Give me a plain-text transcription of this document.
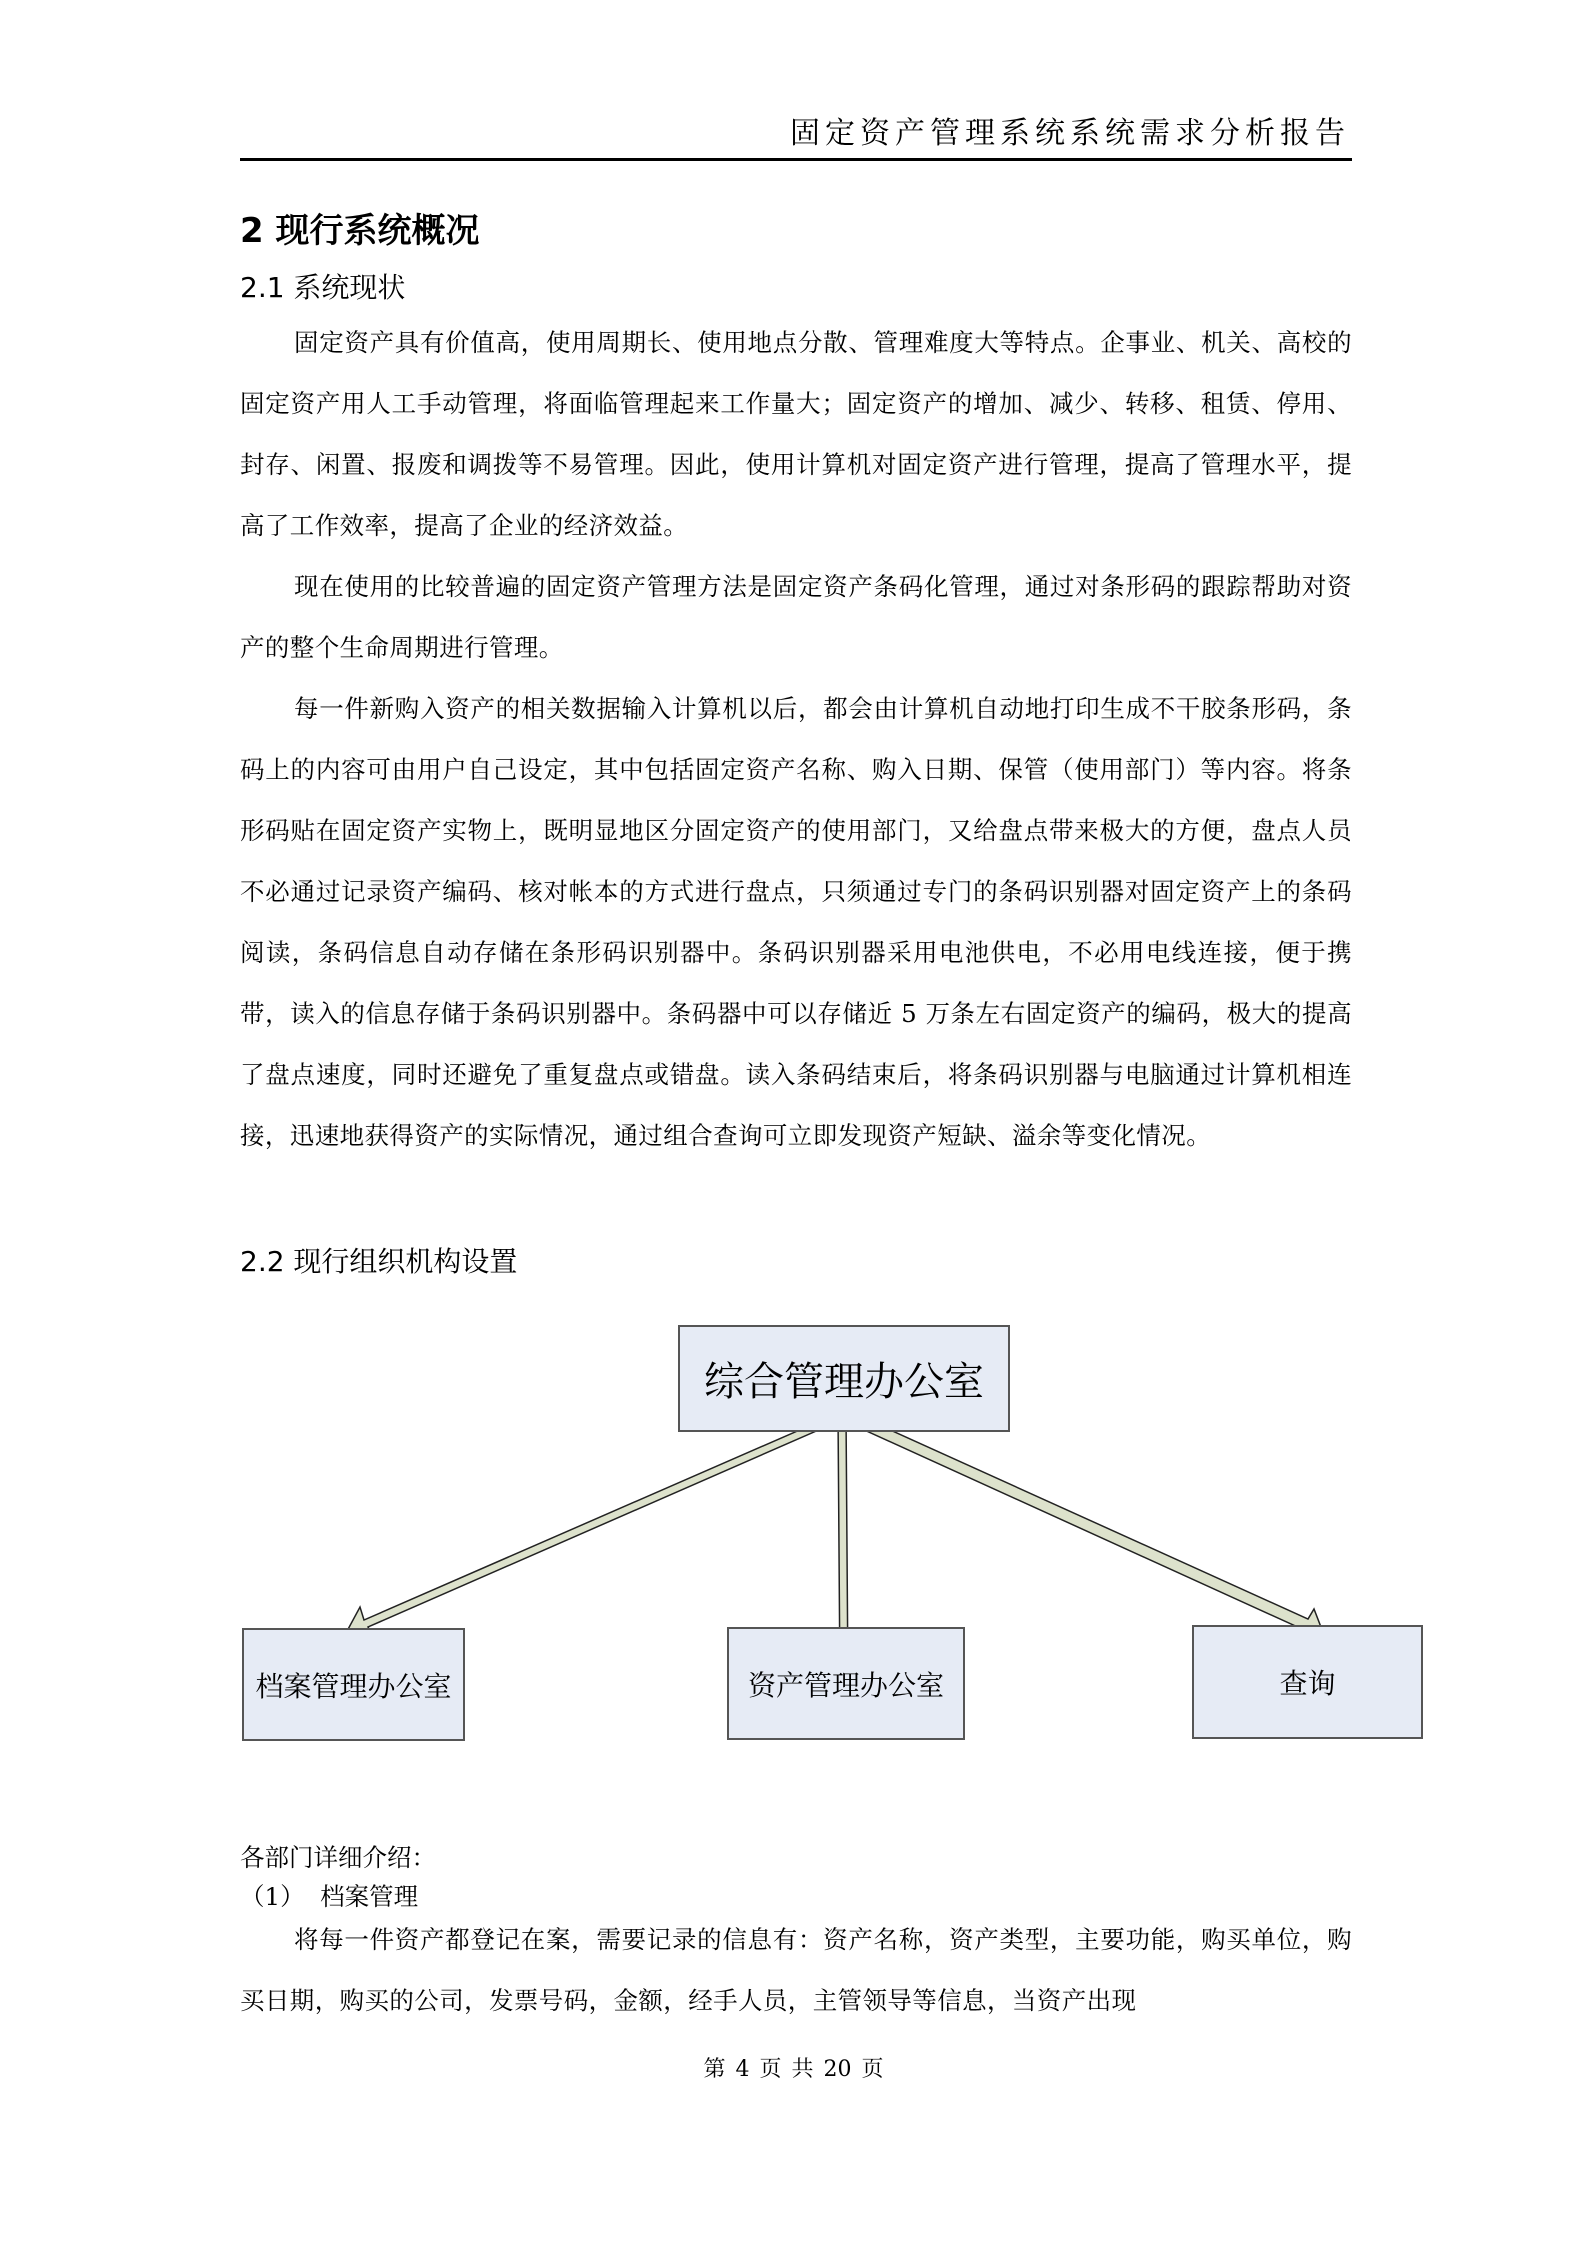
固定资产管理系统系统需求分析报告
2 现行系统概况
2.1 系统现状
固定资产具有价值高，使用周期长、使用地点分散、管理难度大等特点。企事业、机关、高校的固定资产用人工手动管理，将面临管理起来工作量大；固定资产的增加、减少、转移、租赁、停用、封存、闲置、报废和调拨等不易管理。因此，使用计算机对固定资产进行管理，提高了管理水平，提高了工作效率，提高了企业的经济效益。
现在使用的比较普遍的固定资产管理方法是固定资产条码化管理，通过对条形码的跟踪帮助对资产的整个生命周期进行管理。
每一件新购入资产的相关数据输入计算机以后，都会由计算机自动地打印生成不干胶条形码，条码上的内容可由用户自己设定，其中包括固定资产名称、购入日期、保管（使用部门）等内容。将条形码贴在固定资产实物上，既明显地区分固定资产的使用部门，又给盘点带来极大的方便，盘点人员不必通过记录资产编码、核对帐本的方式进行盘点，只须通过专门的条码识别器对固定资产上的条码阅读，条码信息自动存储在条形码识别器中。条码识别器采用电池供电，不必用电线连接，便于携带，读入的信息存储于条码识别器中。条码器中可以存储近 5 万条左右固定资产的编码，极大的提高了盘点速度，同时还避免了重复盘点或错盘。读入条码结束后，将条码识别器与电脑通过计算机相连接，迅速地获得资产的实际情况，通过组合查询可立即发现资产短缺、溢余等变化情况。
2.2 现行组织机构设置
综合管理办公室
档案管理办公室	资产管理办公室	查询
各部门详细介绍：
（1）  档案管理
将每一件资产都登记在案，需要记录的信息有：资产名称，资产类型，主要功能，购买单位，购买日期，购买的公司，发票号码，金额，经手人员，主管领导等信息，当资产出现
第 4 页 共 20 页
